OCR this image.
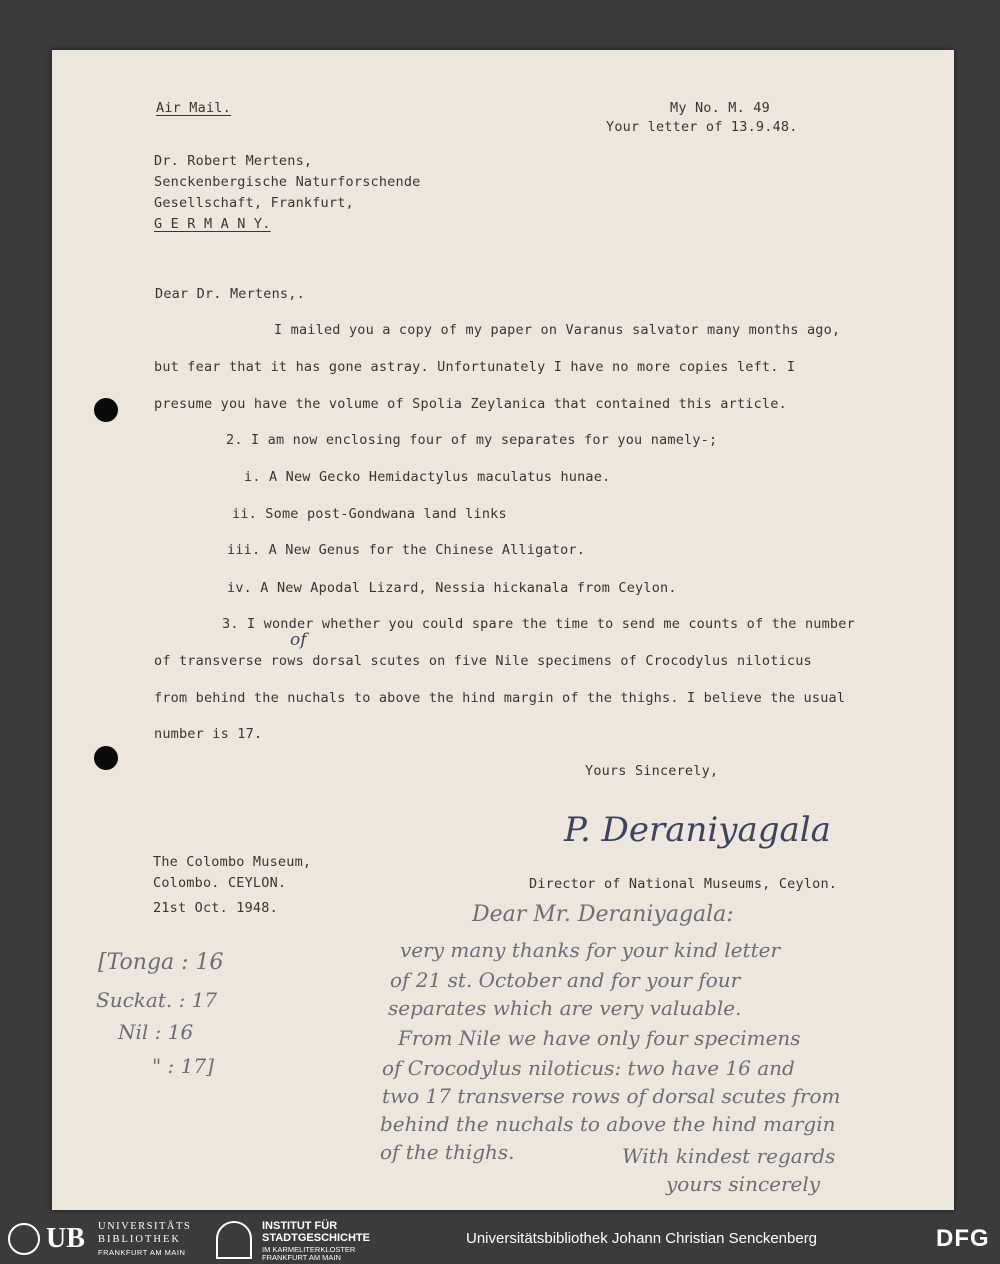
Air Mail.	My No. M. 49
Your letter of 13.9.48.
Dr. Robert Mertens,
Senckenbergische Naturforschende
Gesellschaft, Frankfurt,
G E R M A N Y.
Dear Dr. Mertens,.
I mailed you a copy of my paper on Varanus salvator many months ago,
but fear that it has gone astray. Unfortunately I have no more copies left. I
presume you have the volume of Spolia Zeylanica that contained this article.
2. I am now enclosing four of my separates for you namely-;
i. A New Gecko Hemidactylus maculatus hunae.
ii. Some post-Gondwana land links
iii. A New Genus for the Chinese Alligator.
iv. A New Apodal Lizard, Nessia hickanala from Ceylon.
3. I wonder whether you could spare the time to send me counts of the number
of
of transverse rows dorsal scutes on five Nile specimens of Crocodylus niloticus
from behind the nuchals to above the hind margin of the thighs. I believe the usual
number is 17.
Yours Sincerely,
P. Deraniyagala
Director of National Museums, Ceylon.
The Colombo Museum,
Colombo. CEYLON.
21st Oct. 1948.
[Tonga : 16
Suckat. : 17
Nil : 16
" : 17]
Dear Mr. Deraniyagala:
very many thanks for your kind letter
of 21 st. October and for your four
separates which are very valuable.
From Nile we have only four specimens
of Crocodylus niloticus: two have 16 and
two 17 transverse rows of dorsal scutes from
behind the nuchals to above the hind margin
of the thighs.	With kindest regards
yours sincerely
UB UNIVERSITÄTS
BIBLIOTHEK
FRANKFURT AM MAIN
INSTITUT FÜR
STADTGESCHICHTE
IM KARMELITERKLOSTER
FRANKFURT AM MAIN
Universitätsbibliothek Johann Christian Senckenberg	DFG
